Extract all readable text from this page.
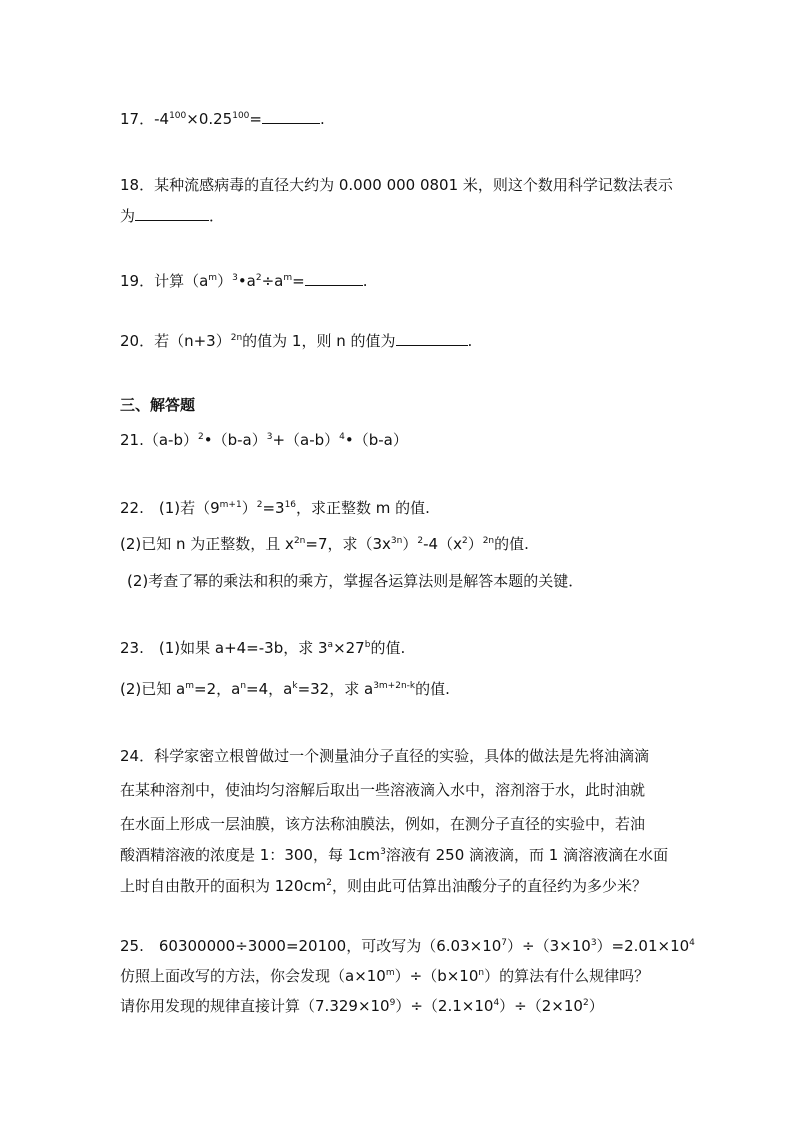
17．$-4^{100}\times 0.25^{100}=$	.
18．某种流感病毒的直径大约为 0.000 000 0801 米，则这个数用科学记数法表示
为	．
19．计算$(a^m)^3•a^2\div a^m=$	.
20．若$(n+3)^{2n}$的值为 1，则 n 的值为	.
三、解答题
$21.(a-b)^2•(b-a)^3+(a-b)^4•(b-a)$
22.　(1)若$(9^{m+1})^2=3^{16}$，求正整数 m 的值.
(2)已知 n 为正整数，且 $x^{2n}=7$，求$(3x^{3n})^2-4(x^2)^{2n}$的值.
(2)考查了幂的乘法和积的乘方，掌握各运算法则是解答本题的关键．
23.　(1)如果 a+4=-3b，求 $3^a\times 27^b$的值.
(2)已知 $a^m=2$，$a^n=4$，$a^k=32$，求 $a^{3m+2n-k}$的值.
24．科学家密立根曾做过一个测量油分子直径的实验，具体的做法是先将油滴滴
在某种溶剂中，使油均匀溶解后取出一些溶液滴入水中，溶剂溶于水，此时油就
在水面上形成一层油膜，该方法称油膜法，例如，在测分子直径的实验中，若油
酸酒精溶液的浓度是 1：300，每 $1cm^3$溶液有 250 滴液滴，而 1 滴溶液滴在水面
上时自由散开的面积为 $120cm^2$，则由此可估算出油酸分子的直径约为多少米？
25.　60300000÷3000=20100，可改写为$(6.03\times 10^7)\div(3\times 10^3)=2.01\times 10^4$
仿照上面改写的方法，你会发现$(a\times 10^m)\div(b\times 10^n)$的算法有什么规律吗？
请你用发现的规律直接计算$(7.329\times 10^9)\div(2.1\times 10^4)\div(2\times 10^2)$
